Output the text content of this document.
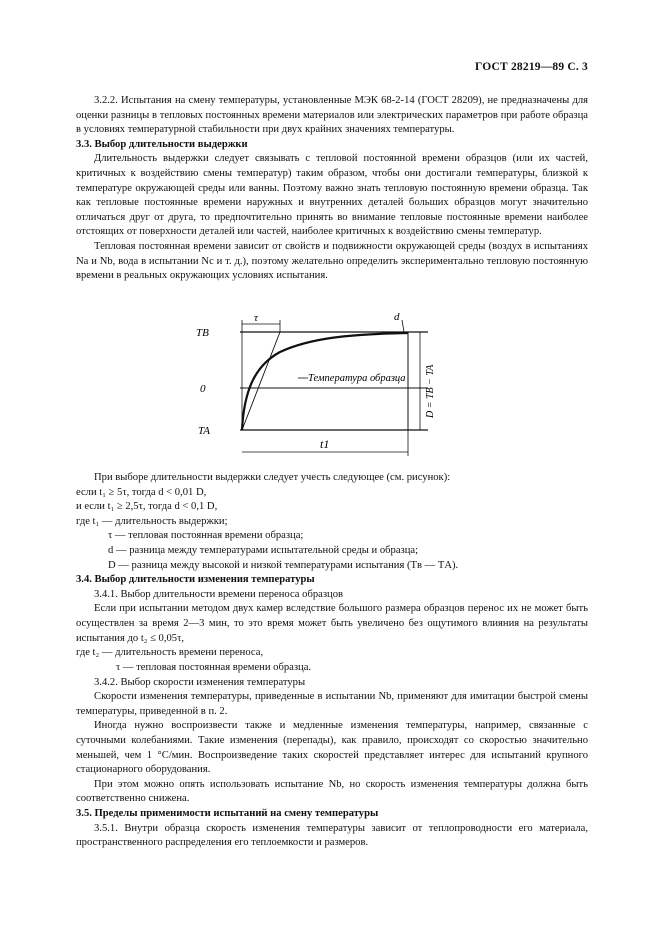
ГОСТ 28219—89 С. 3

3.2.2. Испытания на смену температуры, установленные МЭК 68-2-14 (ГОСТ 28209), не предназначены для оценки разницы в тепловых постоянных времени материалов или электрических параметров при работе образца в условиях температурной стабильности при двух крайних значениях температуры.

3.3. Выбор длительности выдержки

Длительность выдержки следует связывать с тепловой постоянной времени образцов (или их частей, критичных к воздействию смены температур) таким образом, чтобы они достигали температуры, близкой к температуре окружающей среды или ванны. Поэтому важно знать тепловую постоянную времени образца. Так как тепловые постоянные времени наружных и внутренних деталей больших образцов могут значительно отличаться друг от друга, то предпочтительно принять во внимание тепловые постоянные времени наиболее отстоящих от поверхности деталей или частей, наиболее критичных к воздействию смены температур.

Тепловая постоянная времени зависит от свойств и подвижности окружающей среды (воздух в испытаниях Na и Nb, вода в испытании Nc и т. д.), поэтому желательно определить экспериментально тепловую постоянную времени в реальных окружающих условиях испытания.

τ	d
D = TB − TA
t1
TB
0
TA
Температура образца

При выборе длительности выдержки следует учесть следующее (см. рисунок):

если t₁ ≥ 5τ, тогда d < 0,01 D,

и если t₁ ≥ 2,5τ, тогда d < 0,1 D,

где t₁ — длительность выдержки;

τ — тепловая постоянная времени образца;

d — разница между температурами испытательной среды и образца;

D — разница между высокой и низкой температурами испытания (Tв — TА).

3.4. Выбор длительности изменения температуры

3.4.1. Выбор длительности времени переноса образцов

Если при испытании методом двух камер вследствие большого размера образцов перенос их не может быть осуществлен за время 2—3 мин, то это время может быть увеличено без ощутимого влияния на результаты испытания до t₂ ≤ 0,05τ,

где t₂ — длительность времени переноса,

τ — тепловая постоянная времени образца.

3.4.2. Выбор скорости изменения температуры

Скорости изменения температуры, приведенные в испытании Nb, применяют для имитации быстрой смены температуры, приведенной в п. 2.

Иногда нужно воспроизвести также и медленные изменения температуры, например, связанные с суточными колебаниями. Такие изменения (перепады), как правило, происходят со скоростью значительно меньшей, чем 1 °С/мин. Воспроизведение таких скоростей представляет интерес для испытаний крупного стационарного оборудования.

При этом можно опять использовать испытание Nb, но скорость изменения температуры должна быть соответственно снижена.

3.5. Пределы применимости испытаний на смену температуры

3.5.1. Внутри образца скорость изменения температуры зависит от теплопроводности его материала, пространственного распределения его теплоемкости и размеров.
